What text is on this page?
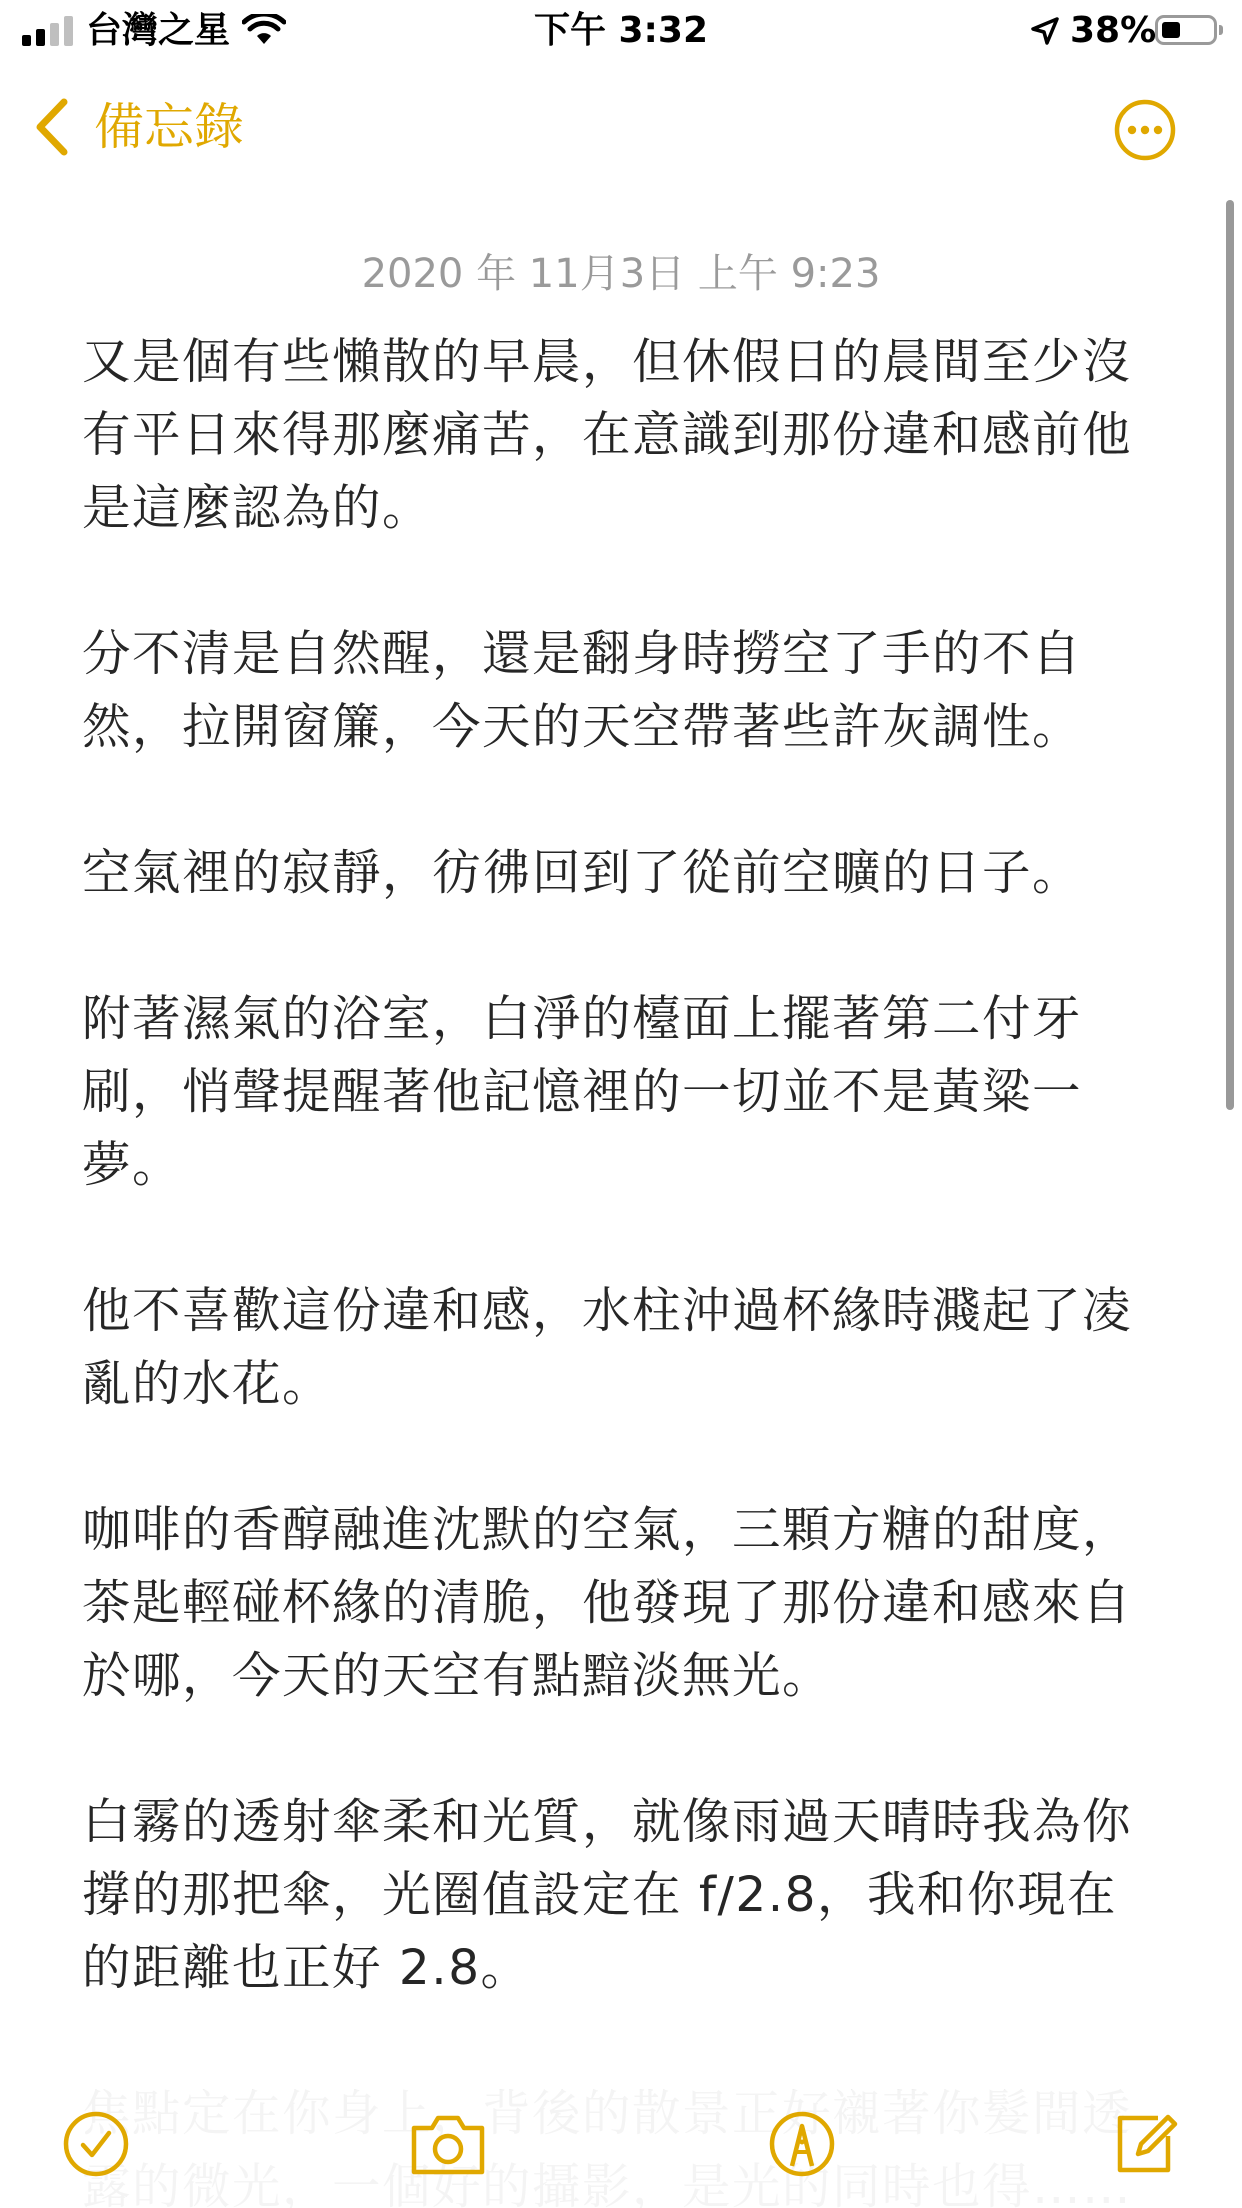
台灣之星	下午 3:32	38%
備忘錄
2020 年 11月3日 上午 9:23

又是個有些懶散的早晨，但休假日的晨間至少沒有平日來得那麼痛苦，在意識到那份違和感前他是這麼認為的。

分不清是自然醒，還是翻身時撈空了手的不自然，拉開窗簾，今天的天空帶著些許灰調性。

空氣裡的寂靜，彷彿回到了從前空曠的日子。

附著濕氣的浴室，白淨的檯面上擺著第二付牙刷，悄聲提醒著他記憶裡的一切並不是黃粱一夢。

他不喜歡這份違和感，水柱沖過杯緣時濺起了凌亂的水花。

咖啡的香醇融進沈默的空氣，三顆方糖的甜度，茶匙輕碰杯緣的清脆，他發現了那份違和感來自於哪，今天的天空有點黯淡無光。

白霧的透射傘柔和光質，就像雨過天晴時我為你撐的那把傘，光圈值設定在 f/2.8，我和你現在的距離也正好 2.8。
